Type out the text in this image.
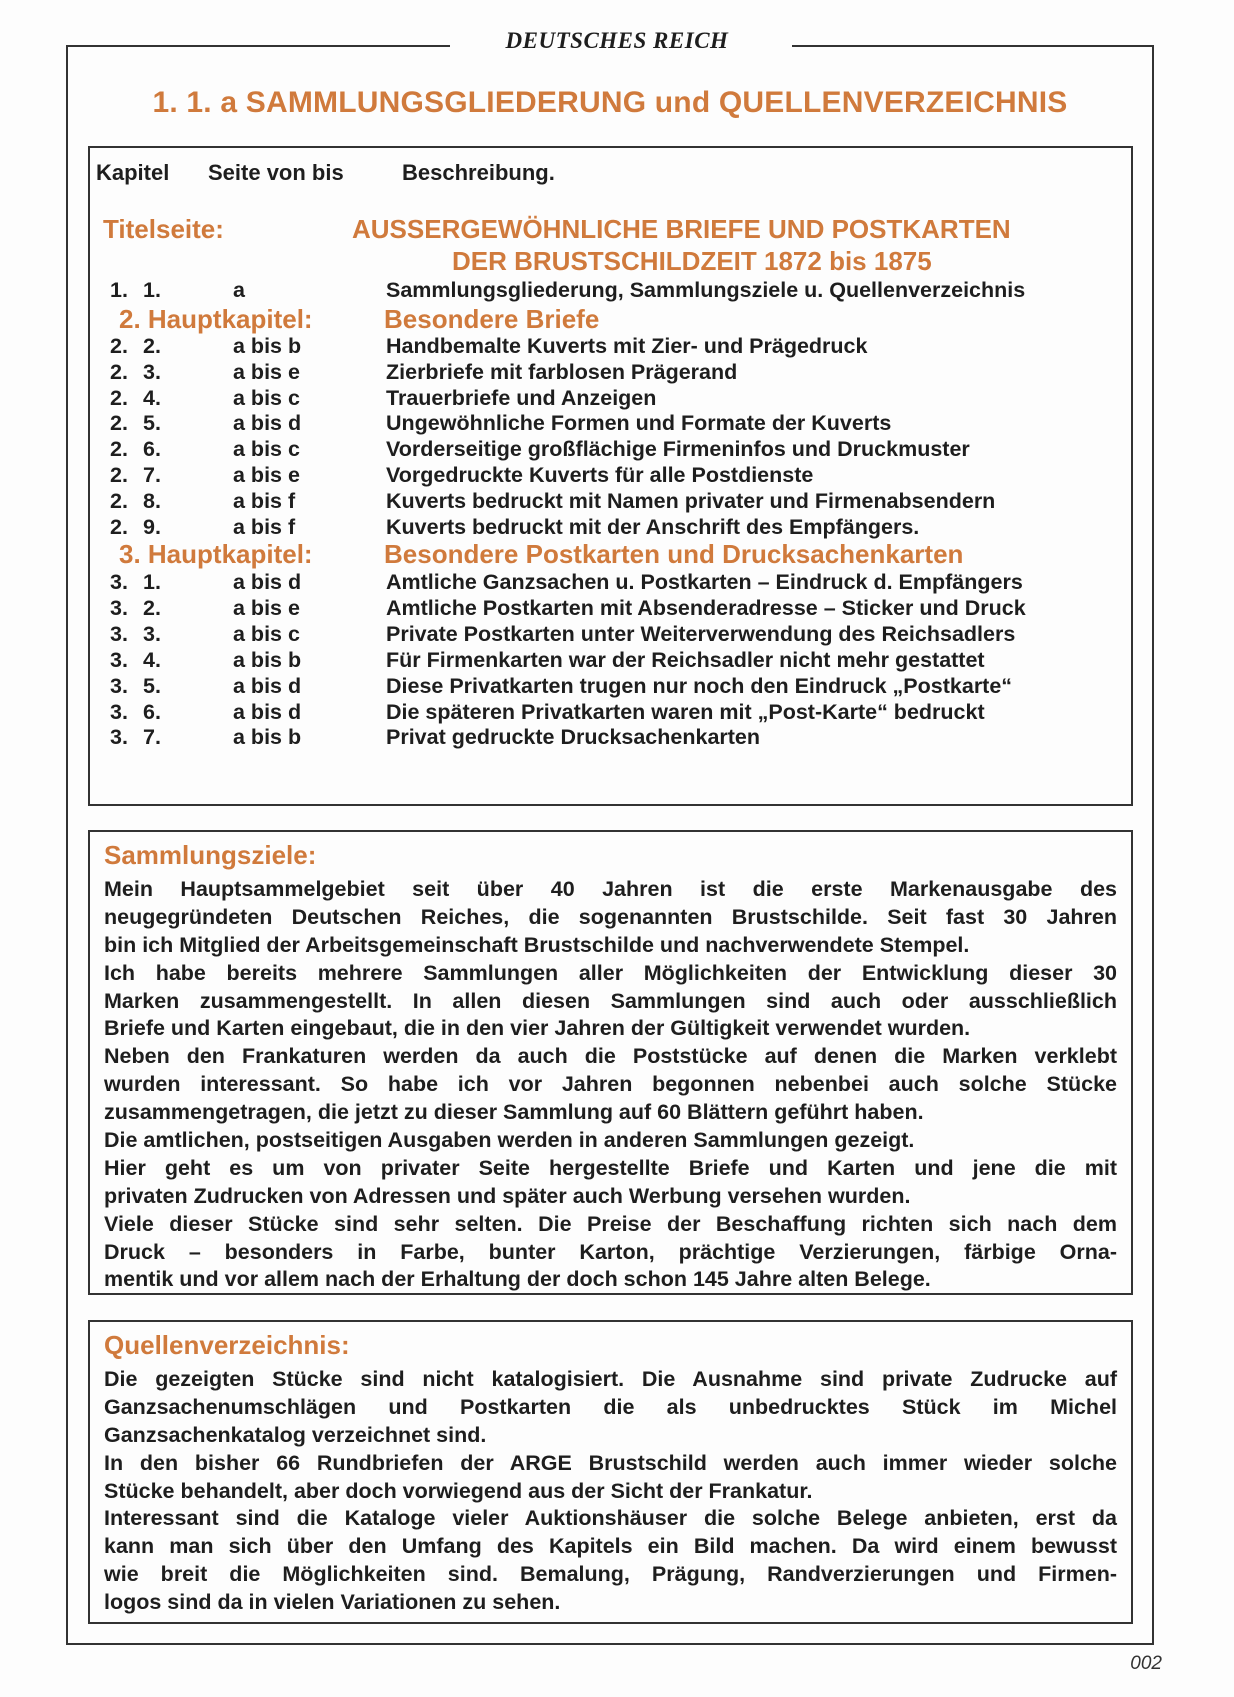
DEUTSCHES REICH
1. 1. a SAMMLUNGSGLIEDERUNG und QUELLENVERZEICHNIS
Kapitel Seite von bis	Beschreibung.
Titelseite:	AUSSERGEWÖHNLICHE BRIEFE UND POSTKARTEN
DER BRUSTSCHILDZEIT 1872 bis 1875
1. 1.	a	Sammlungsgliederung, Sammlungsziele u. Quellenverzeichnis
2. Hauptkapitel:	Besondere Briefe
2. 2.	a bis b	Handbemalte Kuverts mit Zier- und Prägedruck
2. 3.	a bis e	Zierbriefe mit farblosen Prägerand
2. 4.	a bis c	Trauerbriefe und Anzeigen
2. 5.	a bis d	Ungewöhnliche Formen und Formate der Kuverts
2. 6.	a bis c	Vorderseitige großflächige Firmeninfos und Druckmuster
2. 7.	a bis e	Vorgedruckte Kuverts für alle Postdienste
2. 8.	a bis f	Kuverts bedruckt mit Namen privater und Firmenabsendern
2. 9.	a bis f	Kuverts bedruckt mit der Anschrift des Empfängers.
3. Hauptkapitel:	Besondere Postkarten und Drucksachenkarten
3. 1.	a bis d	Amtliche Ganzsachen u. Postkarten – Eindruck d. Empfängers
3. 2.	a bis e	Amtliche Postkarten mit Absenderadresse – Sticker und Druck
3. 3.	a bis c	Private Postkarten unter Weiterverwendung des Reichsadlers
3. 4.	a bis b	Für Firmenkarten war der Reichsadler nicht mehr gestattet
3. 5.	a bis d	Diese Privatkarten trugen nur noch den Eindruck „Postkarte“
3. 6.	a bis d	Die späteren Privatkarten waren mit „Post-Karte“ bedruckt
3. 7.	a bis b	Privat gedruckte Drucksachenkarten
Sammlungsziele:
Mein Hauptsammelgebiet seit über 40 Jahren ist die erste Markenausgabe des
neugegründeten Deutschen Reiches, die sogenannten Brustschilde. Seit fast 30 Jahren
bin ich Mitglied der Arbeitsgemeinschaft Brustschilde und nachverwendete Stempel.
Ich habe bereits mehrere Sammlungen aller Möglichkeiten der Entwicklung dieser 30
Marken zusammengestellt. In allen diesen Sammlungen sind auch oder ausschließlich
Briefe und Karten eingebaut, die in den vier Jahren der Gültigkeit verwendet wurden.
Neben den Frankaturen werden da auch die Poststücke auf denen die Marken verklebt
wurden interessant. So habe ich vor Jahren begonnen nebenbei auch solche Stücke
zusammengetragen, die jetzt zu dieser Sammlung auf 60 Blättern geführt haben.
Die amtlichen, postseitigen Ausgaben werden in anderen Sammlungen gezeigt.
Hier geht es um von privater Seite hergestellte Briefe und Karten und jene die mit
privaten Zudrucken von Adressen und später auch Werbung versehen wurden.
Viele dieser Stücke sind sehr selten. Die Preise der Beschaffung richten sich nach dem
Druck – besonders in Farbe, bunter Karton, prächtige Verzierungen, färbige Orna-
mentik und vor allem nach der Erhaltung der doch schon 145 Jahre alten Belege.
Quellenverzeichnis:
Die gezeigten Stücke sind nicht katalogisiert. Die Ausnahme sind private Zudrucke auf
Ganzsachenumschlägen und Postkarten die als unbedrucktes Stück im Michel
Ganzsachenkatalog verzeichnet sind.
In den bisher 66 Rundbriefen der ARGE Brustschild werden auch immer wieder solche
Stücke behandelt, aber doch vorwiegend aus der Sicht der Frankatur.
Interessant sind die Kataloge vieler Auktionshäuser die solche Belege anbieten, erst da
kann man sich über den Umfang des Kapitels ein Bild machen. Da wird einem bewusst
wie breit die Möglichkeiten sind. Bemalung, Prägung, Randverzierungen und Firmen-
logos sind da in vielen Variationen zu sehen.
002
